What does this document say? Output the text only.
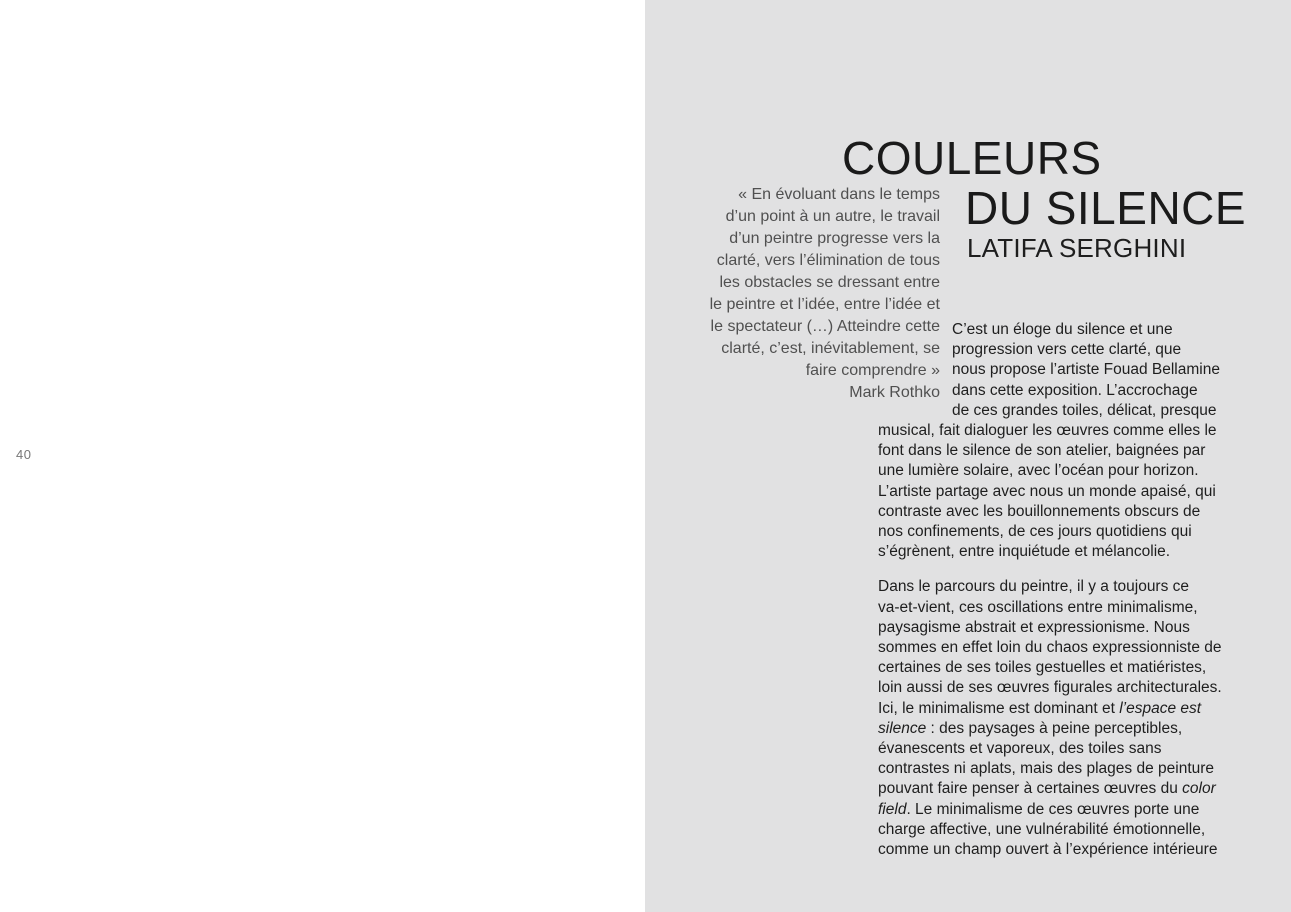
40
COULEURS
DU SILENCE
LATIFA SERGHINI
« En évoluant dans le temps
d’un point à un autre, le travail
d’un peintre progresse vers la
clarté, vers l’élimination de tous
les obstacles se dressant entre
le peintre et l’idée, entre l’idée et
le spectateur (…) Atteindre cette
clarté, c’est, inévitablement, se
faire comprendre »
Mark Rothko
C’est un éloge du silence et une
progression vers cette clarté, que
nous propose l’artiste Fouad Bellamine
dans cette exposition. L’accrochage
de ces grandes toiles, délicat, presque
musical, fait dialoguer les œuvres comme elles le
font dans le silence de son atelier, baignées par
une lumière solaire, avec l’océan pour horizon.
L’artiste partage avec nous un monde apaisé, qui
contraste avec les bouillonnements obscurs de
nos confinements, de ces jours quotidiens qui
s’égrènent, entre inquiétude et mélancolie.
Dans le parcours du peintre, il y a toujours ce
va-et-vient, ces oscillations entre minimalisme,
paysagisme abstrait et expressionisme. Nous
sommes en effet loin du chaos expressionniste de
certaines de ses toiles gestuelles et matiéristes,
loin aussi de ses œuvres figurales architecturales.
Ici, le minimalisme est dominant et l’espace est
silence : des paysages à peine perceptibles,
évanescents et vaporeux, des toiles sans
contrastes ni aplats, mais des plages de peinture
pouvant faire penser à certaines œuvres du color
field. Le minimalisme de ces œuvres porte une
charge affective, une vulnérabilité émotionnelle,
comme un champ ouvert à l’expérience intérieure
